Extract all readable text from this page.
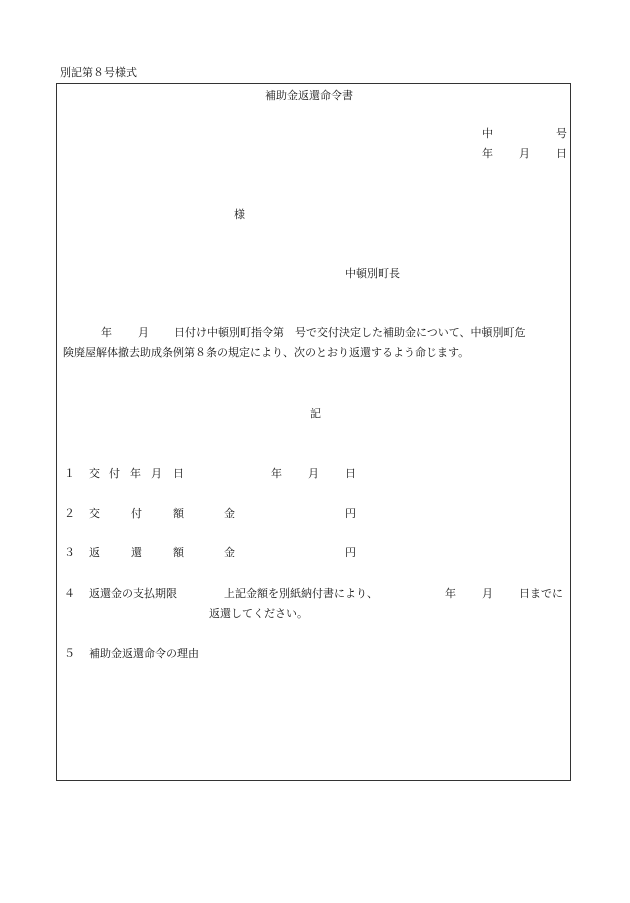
別記第８号様式
補助金返還命令書
中	号
年 月 日
様
中頓別町長
年 月 日付け中頓別町指令第　号で交付決定した補助金について、中頓別町危
険廃屋解体撤去助成条例第８条の規定により、次のとおり返還するよう命じます。
記
１ 交 付 年 月 日	年 月 日
２ 交	付	額	金	円
３ 返	還	額	金	円
４ 返還金の支払期限	上記金額を別紙納付書により、	年 月 日までに
返還してください。
５ 補助金返還命令の理由
